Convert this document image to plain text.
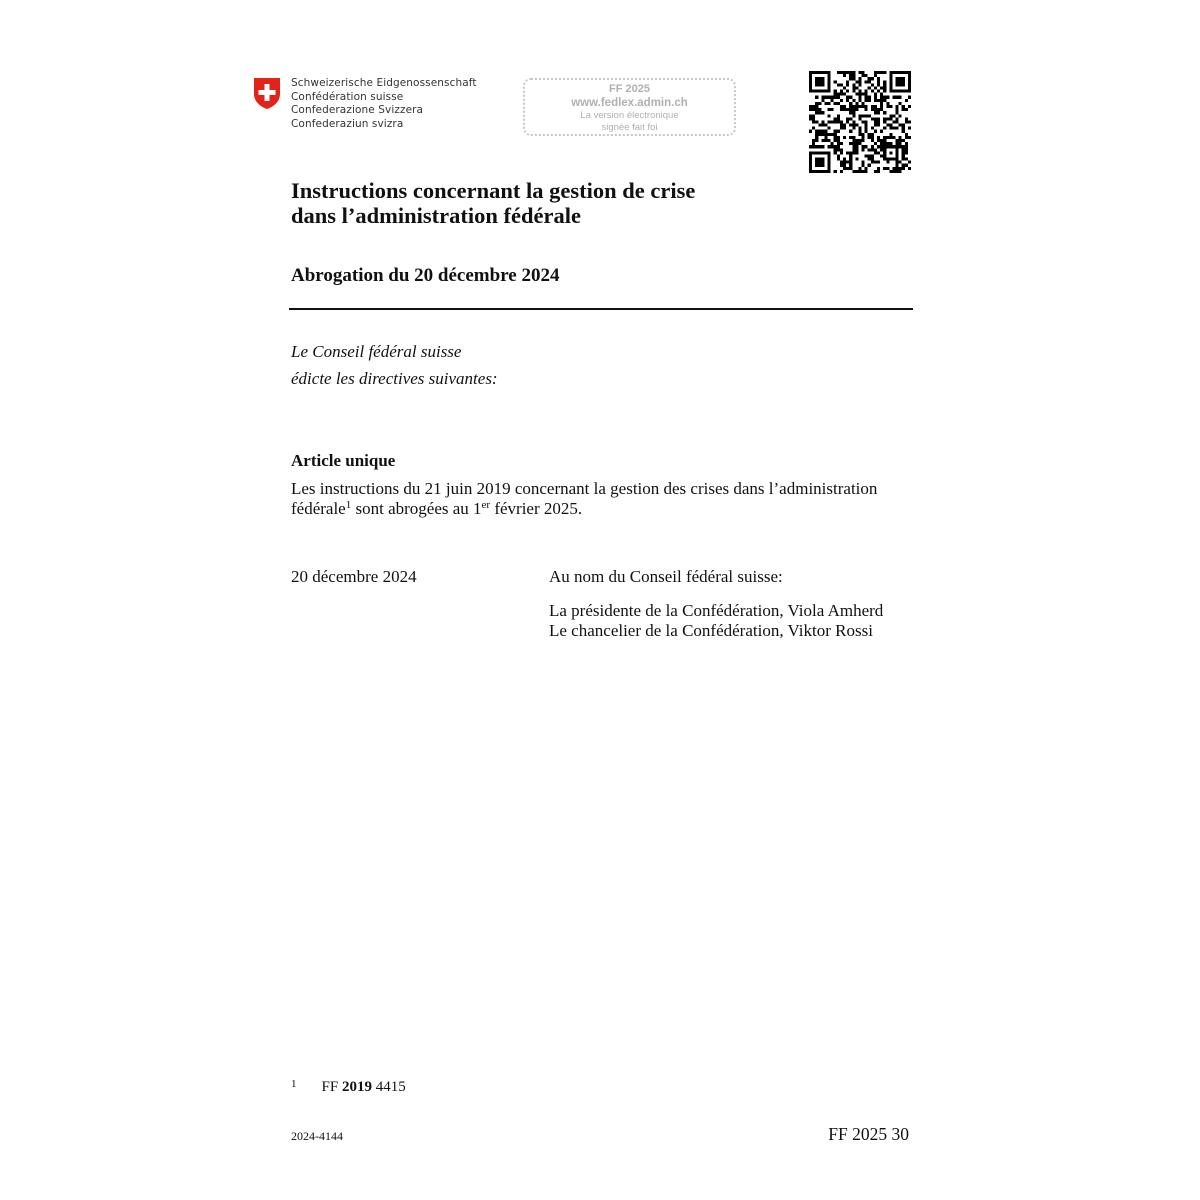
Schweizerische Eidgenossenschaft
Confédération suisse
Confederazione Svizzera
Confederaziun svizra
FF 2025
www.fedlex.admin.ch
La version électronique
signée fait foi
Instructions concernant la gestion de crise
dans l’administration fédérale
Abrogation du 20 décembre 2024
Le Conseil fédéral suisse
édicte les directives suivantes:
Article unique
Les instructions du 21 juin 2019 concernant la gestion des crises dans l’administration fédérale$^1$ sont abrogées au 1er février 2025.
20 décembre 2024	Au nom du Conseil fédéral suisse:
La présidente de la Confédération, Viola Amherd
Le chancelier de la Confédération, Viktor Rossi
$^1$ FF 2019 4415
2024-4144	FF 2025 30
